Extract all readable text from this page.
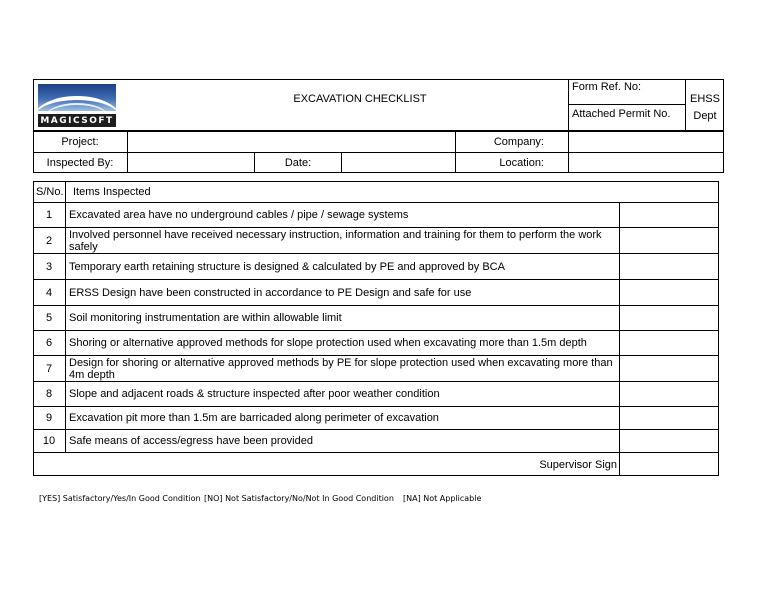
MAGICSOFT
EXCAVATION CHECKLIST
Form Ref. No:
Attached Permit No.
EHSS
Dept
Project:	Company:
Inspected By:	Date:	Location:
S/No. Items Inspected
1	Excavated area have no underground cables / pipe / sewage systems
2	Involved personnel have received necessary instruction, information and training for them to perform the work safely
3	Temporary earth retaining structure is designed & calculated by PE and approved by BCA
4	ERSS Design have been constructed in accordance to PE Design and safe for use
5	Soil monitoring instrumentation are within allowable limit
6	Shoring or alternative approved methods for slope protection used when excavating more than 1.5m depth
7	Design for shoring or alternative approved methods by PE for slope protection used when excavating more than 4m depth
8	Slope and adjacent roads & structure inspected after poor weather condition
9	Excavation pit more than 1.5m are barricaded along perimeter of excavation
10	Safe means of access/egress have been provided
Supervisor Sign
[YES] Satisfactory/Yes/In Good Condition [NO] Not Satisfactory/No/Not In Good Condition [NA] Not Applicable
